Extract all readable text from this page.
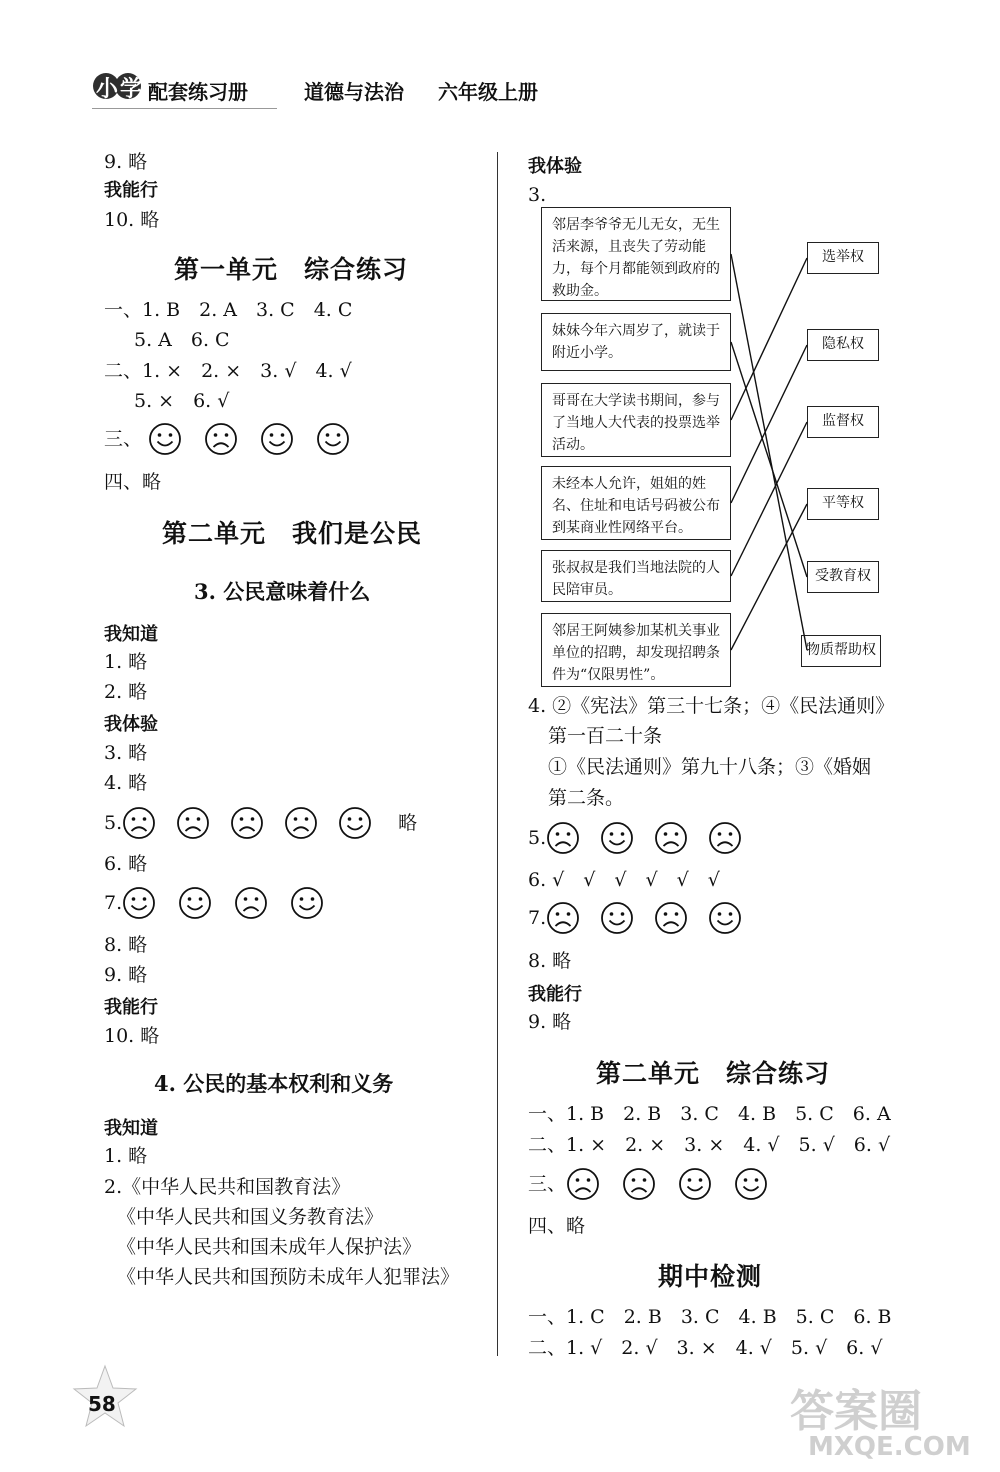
答案圈
MXQE.COM
小学 配套练习册	道德与法治 六年级上册
9. 略
我能行
10. 略
第一单元　综合练习
一、1. B　2. A　3. C　4. C
5. A　6. C
二、1. ×　2. ×　3. √　4. √
5. ×　6. √
三、
四、略
第二单元　我们是公民
3. 公民意味着什么
我知道
1. 略
2. 略
我体验
3. 略
4. 略
5.	略
6. 略
7.
8. 略
9. 略
我能行
10. 略
4. 公民的基本权利和义务
我知道
1. 略
2.《中华人民共和国教育法》
《中华人民共和国义务教育法》
《中华人民共和国未成年人保护法》
《中华人民共和国预防未成年人犯罪法》
我体验
3.
邻居李爷爷无儿无女，无生活来源，且丧失了劳动能力，每个月都能领到政府的救助金。
妹妹今年六周岁了，就读于附近小学。
哥哥在大学读书期间，参与了当地人大代表的投票选举活动。
未经本人允许，姐姐的姓名、住址和电话号码被公布到某商业性网络平台。
张叔叔是我们当地法院的人民陪审员。
邻居王阿姨参加某机关事业单位的招聘，却发现招聘条件为“仅限男性”。
选举权
隐私权
监督权
平等权
受教育权
物质帮助权
4. ②《宪法》第三十七条；④《民法通则》
第一百二十条
①《民法通则》第九十八条；③《婚姻
第二条。
5.
6. √　√　√　√　√　√
7.
8. 略
我能行
9. 略
第二单元　综合练习
一、1. B　2. B　3. C　4. B　5. C　6. A
二、1. ×　2. ×　3. ×　4. √　5. √　6. √
三、
四、略
期中检测
一、1. C　2. B　3. C　4. B　5. C　6. B
二、1. √　2. √　3. ×　4. √　5. √　6. √
58
